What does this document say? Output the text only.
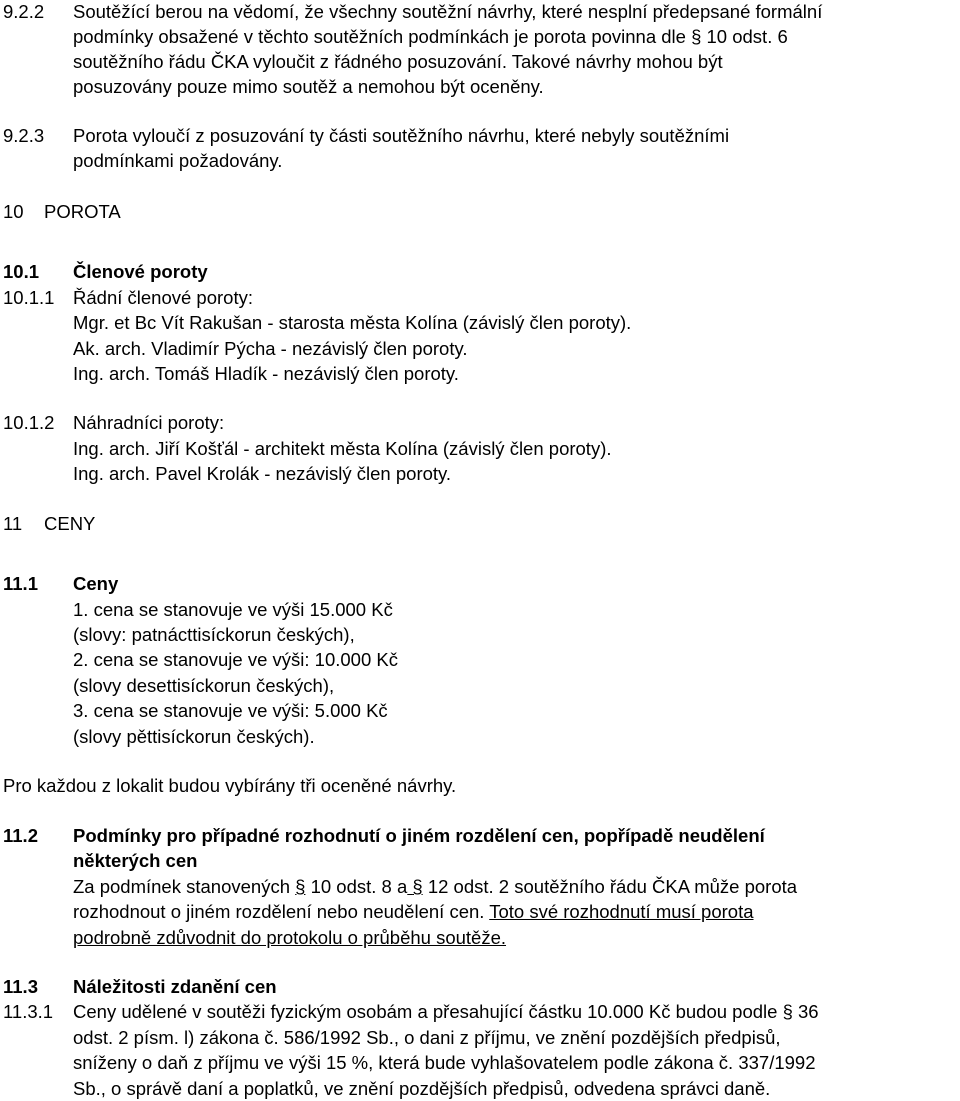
9.2.2 Soutěžící berou na vědomí, že všechny soutěžní návrhy, které nesplní předepsané formální
podmínky obsažené v těchto soutěžních podmínkách je porota povinna dle § 10 odst. 6
soutěžního řádu ČKA vyloučit z řádného posuzování. Takové návrhy mohou být
posuzovány pouze mimo soutěž a nemohou být oceněny.
9.2.3 Porota vyloučí z posuzování ty části soutěžního návrhu, které nebyly soutěžními
podmínkami požadovány.
10 POROTA
10.1 Členové poroty
10.1.1 Řádní členové poroty:
Mgr. et Bc Vít Rakušan - starosta města Kolína (závislý člen poroty).
Ak. arch. Vladimír Pýcha - nezávislý člen poroty.
Ing. arch. Tomáš Hladík - nezávislý člen poroty.
10.1.2 Náhradníci poroty:
Ing. arch. Jiří Košťál - architekt města Kolína (závislý člen poroty).
Ing. arch. Pavel Krolák - nezávislý člen poroty.
11 CENY
11.1 Ceny
1. cena se stanovuje ve výši 15.000 Kč
(slovy: patnácttisíckorun českých),
2. cena se stanovuje ve výši: 10.000 Kč
(slovy desettisíckorun českých),
3. cena se stanovuje ve výši: 5.000 Kč
(slovy pěttisíckorun českých).
Pro každou z lokalit budou vybírány tři oceněné návrhy.
11.2 Podmínky pro případné rozhodnutí o jiném rozdělení cen, popřípadě neudělení
některých cen
Za podmínek stanovených § 10 odst. 8 a § 12 odst. 2 soutěžního řádu ČKA může porota
rozhodnout o jiném rozdělení nebo neudělení cen. Toto své rozhodnutí musí porota
podrobně zdůvodnit do protokolu o průběhu soutěže.
11.3 Náležitosti zdanění cen
11.3.1 Ceny udělené v soutěži fyzickým osobám a přesahující částku 10.000 Kč budou podle § 36
odst. 2 písm. l) zákona č. 586/1992 Sb., o dani z příjmu, ve znění pozdějších předpisů,
sníženy o daň z příjmu ve výši 15 %, která bude vyhlašovatelem podle zákona č. 337/1992
Sb., o správě daní a poplatků, ve znění pozdějších předpisů, odvedena správci daně.
